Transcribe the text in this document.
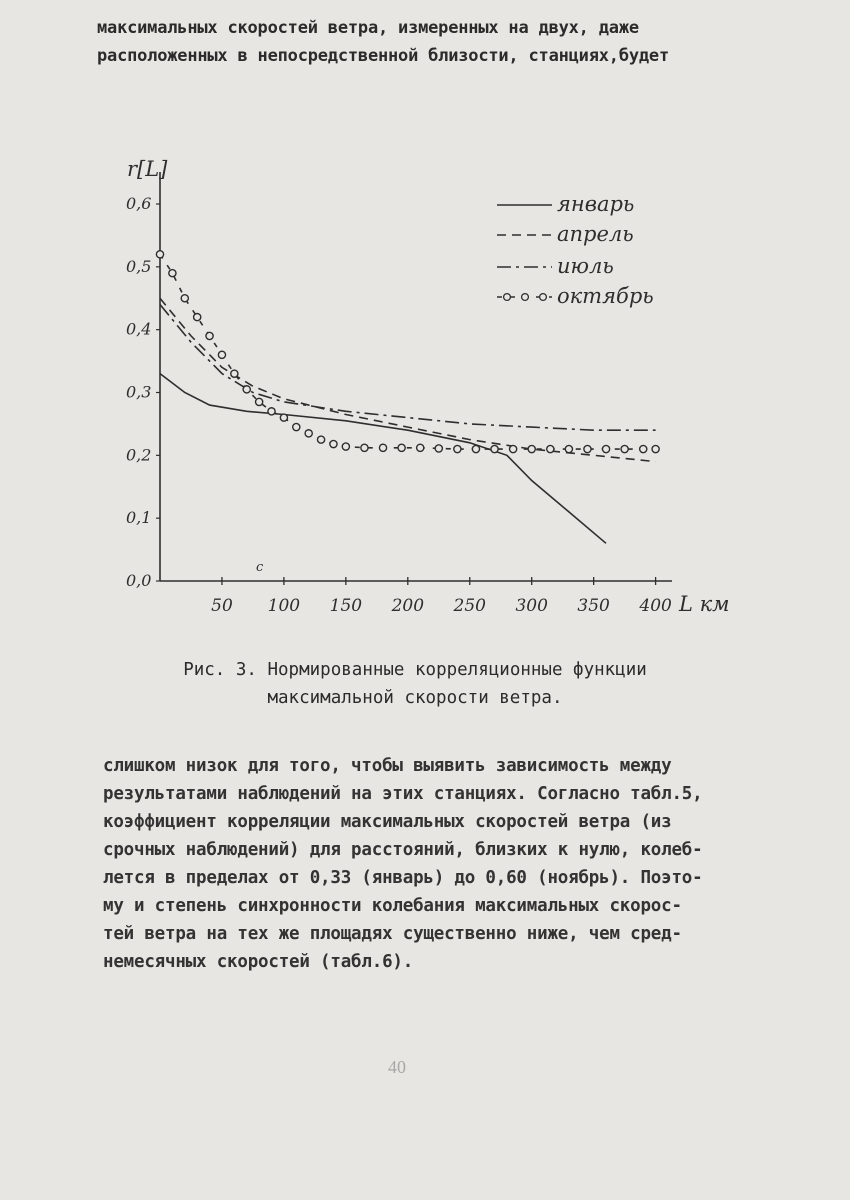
максимальных скоростей ветра, измеренных на двух, даже
расположенных в непосредственной близости, станциях,будет
50 100 150 200 250 300 350 400
0,0
0,1
0,2
0,3
0,4
0,5
0,6
r[L]
L км
c
январь
апрель
июль
октябрь
Рис. 3. Нормированные корреляционные функции
максимальной скорости ветра.
слишком низок для того, чтобы выявить зависимость между
результатами наблюдений на этих станциях. Согласно табл.5,
коэффициент корреляции максимальных скоростей ветра (из
срочных наблюдений) для расстояний, близких к нулю, колеб-
лется в пределах от 0,33 (январь) до 0,60 (ноябрь). Поэто-
му и степень синхронности колебания максимальных скорос-
тей ветра на тех же площадях существенно ниже, чем сред-
немесячных скоростей (табл.6).
40
